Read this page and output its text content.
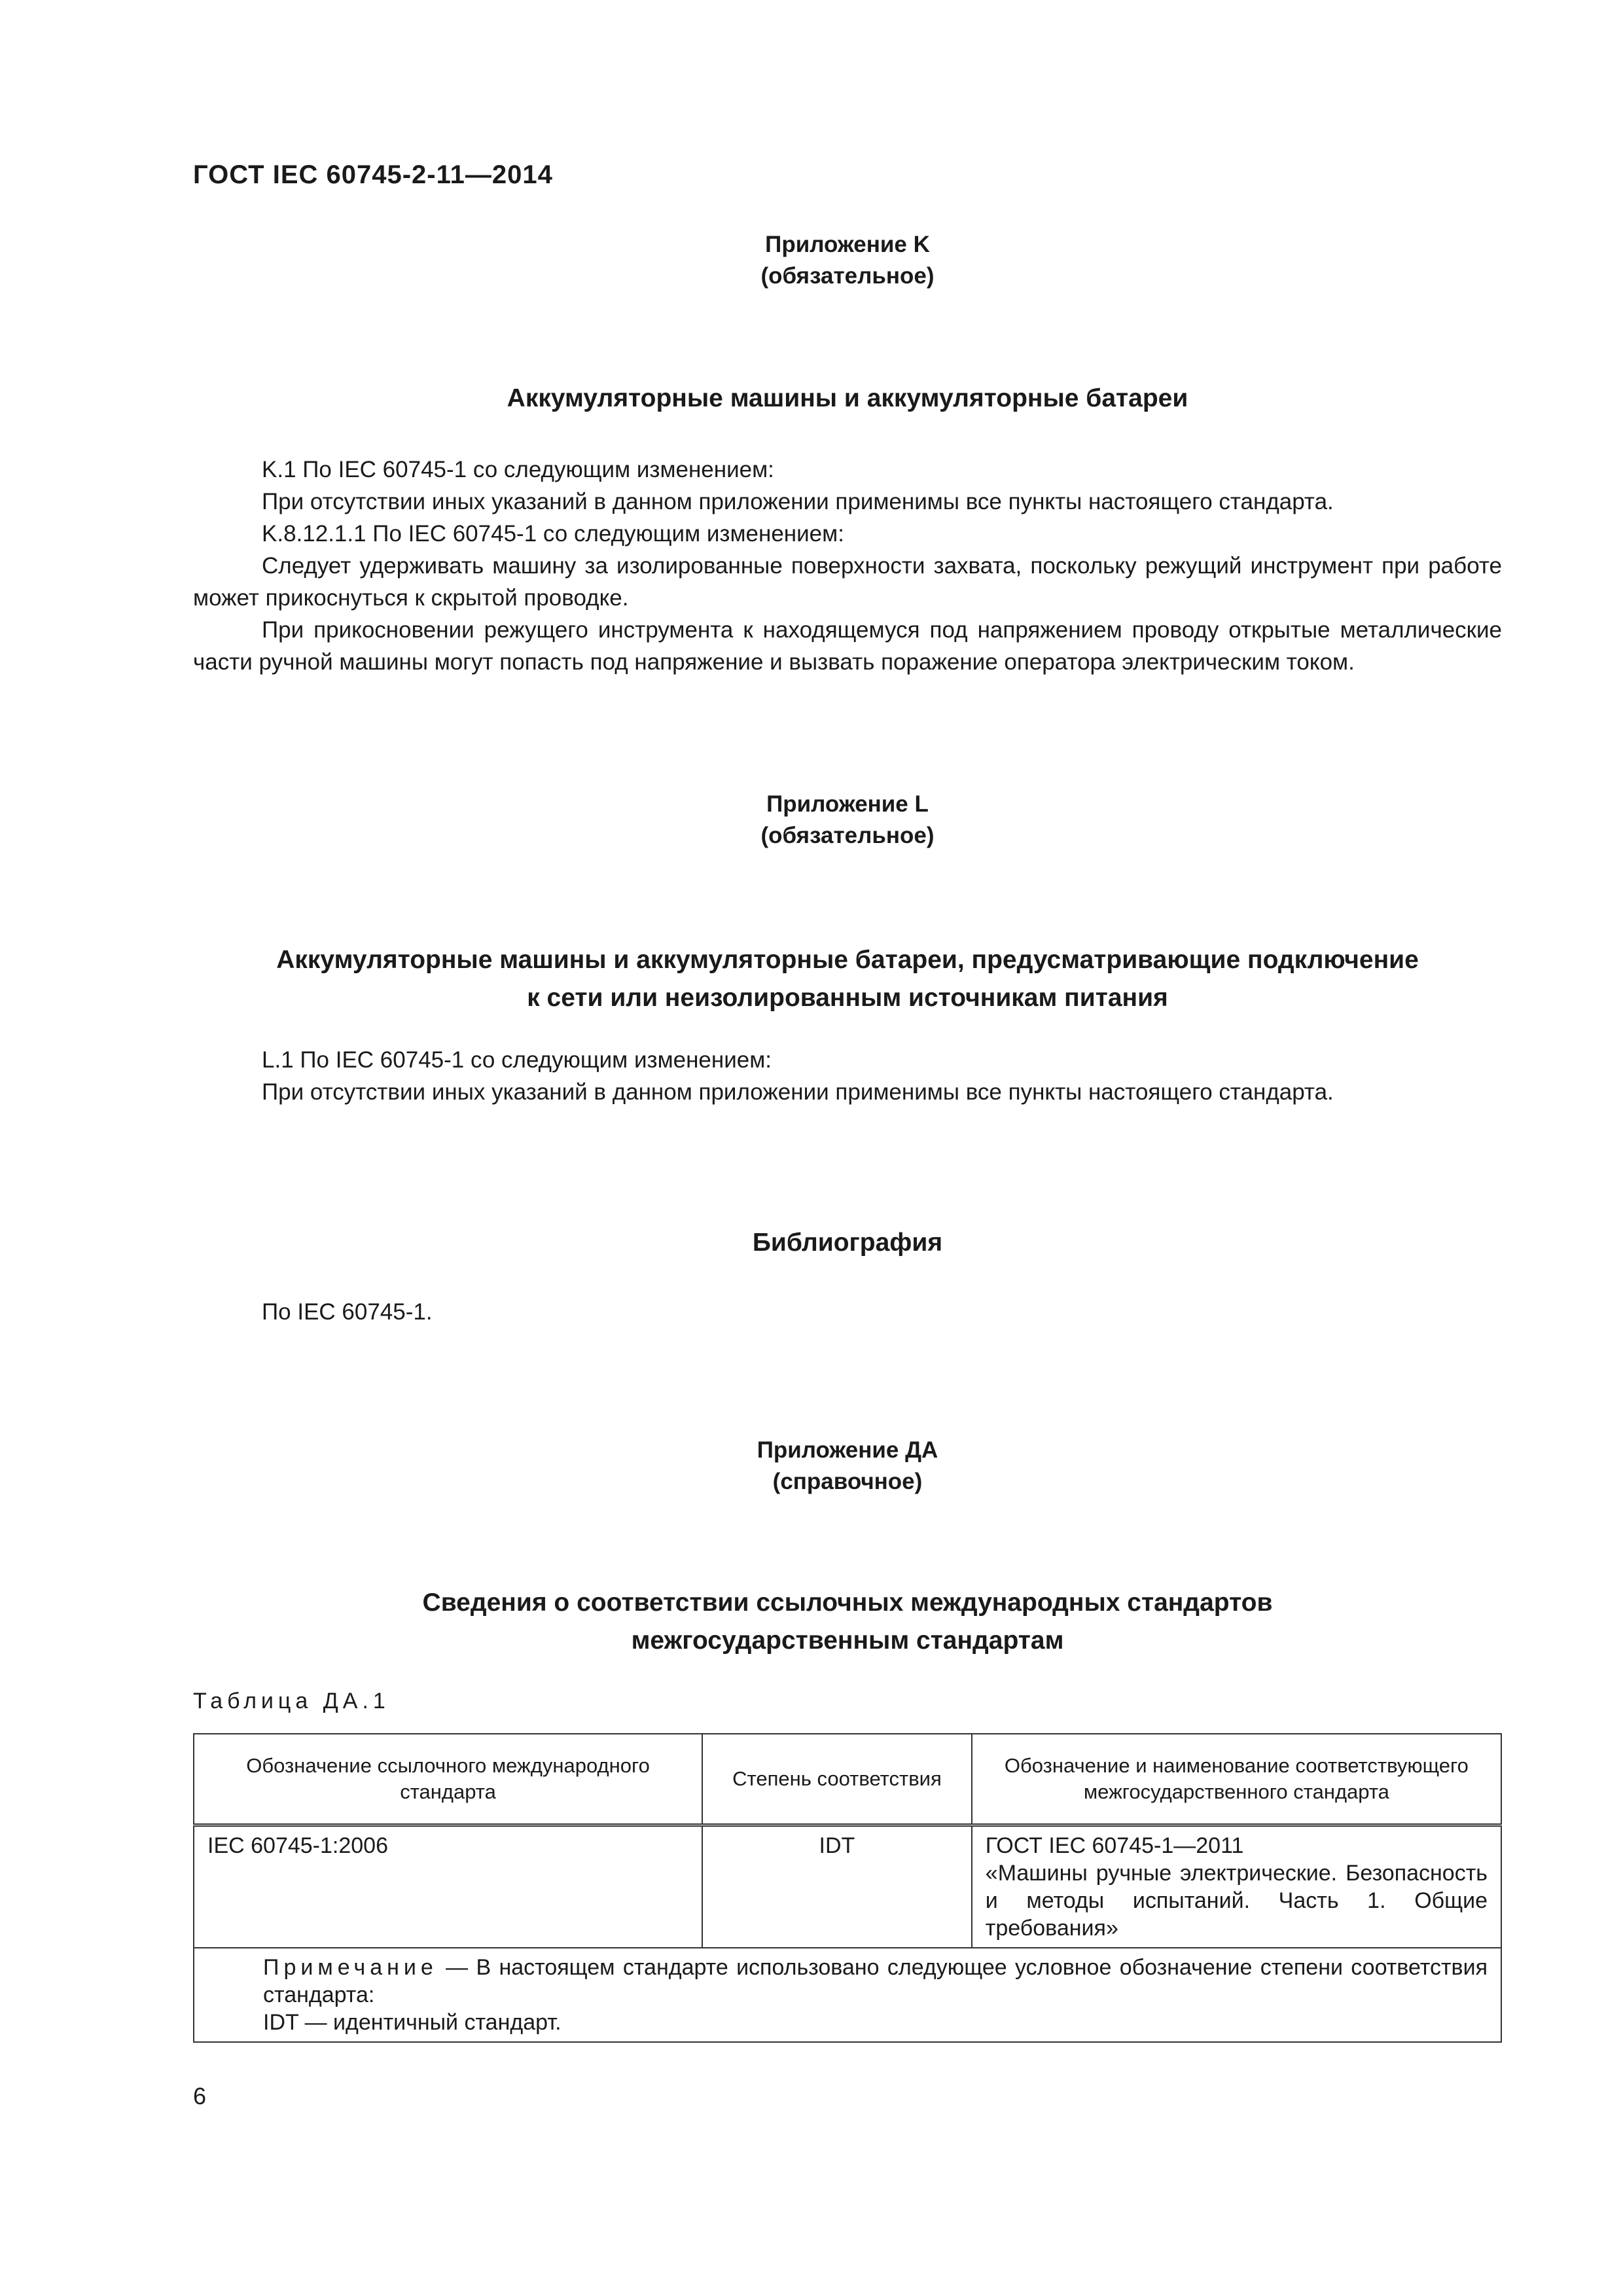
ГОСТ IEC 60745-2-11—2014
Приложение K
(обязательное)
Аккумуляторные машины и аккумуляторные батареи

K.1 По IEC 60745-1 со следующим изменением:

При отсутствии иных указаний в данном приложении применимы все пункты настоящего стандарта.

K.8.12.1.1 По IEC 60745-1 со следующим изменением:

Следует удерживать машину за изолированные поверхности захвата, поскольку режущий инструмент при работе может прикоснуться к скрытой проводке.

При прикосновении режущего инструмента к находящемуся под напряжением проводу открытые металлические части ручной машины могут попасть под напряжение и вызвать поражение оператора электрическим током.

Приложение L
(обязательное)
Аккумуляторные машины и аккумуляторные батареи, предусматривающие подключение
к сети или неизолированным источникам питания

L.1 По IEC 60745-1 со следующим изменением:

При отсутствии иных указаний в данном приложении применимы все пункты настоящего стандарта.

Библиография

По IEC 60745-1.

Приложение ДА
(справочное)
Сведения о соответствии ссылочных международных стандартов
межгосударственным стандартам
Таблица ДА.1
Обозначение ссылочного международного стандарта	Степень соответствия	Обозначение и наименование соответствующего межгосударственного стандарта
IEC 60745-1:2006	IDT	ГОСТ IEC 60745-1—2011
«Машины ручные электрические. Безопасность и методы испытаний. Часть 1. Общие требования»

Примечание — В настоящем стандарте использовано следующее условное обозначение степени соответствия стандарта:
IDT — идентичный стандарт.		
6
